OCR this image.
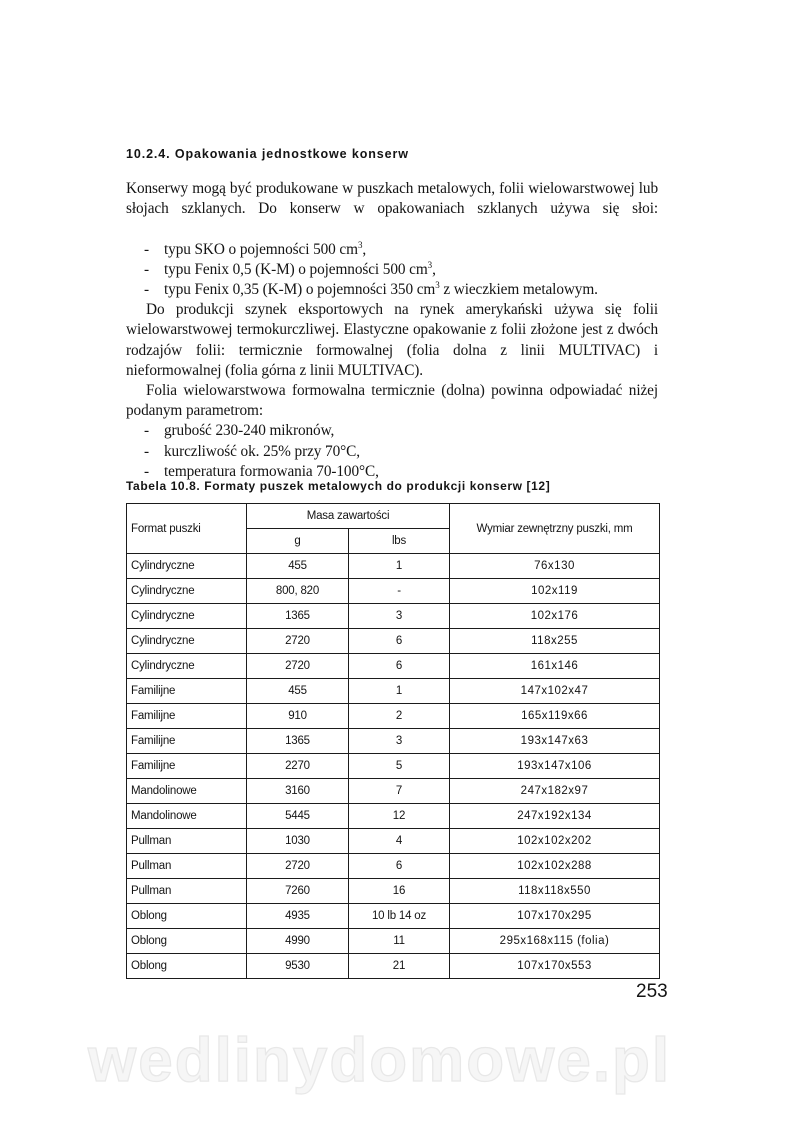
10.2.4. Opakowania jednostkowe konserw

Konserwy mogą być produkowane w puszkach metalowych, folii wielowarstwowej lub słojach szklanych. Do konserw w opakowaniach szklanych używa się słoi:

- typu SKO o pojemności 500 $cm^3$,
- typu Fenix 0,5 (K-M) o pojemności 500 $cm^3$,
- typu Fenix 0,35 (K-M) o pojemności 350 $cm^3$ z wieczkiem metalowym.

Do produkcji szynek eksportowych na rynek amerykański używa się folii wielowarstwowej termokurczliwej. Elastyczne opakowanie z folii złożone jest z dwóch rodzajów folii: termicznie formowalnej (folia dolna z linii MULTIVAC) i nieformowalnej (folia górna z linii MULTIVAC).

Folia wielowarstwowa formowalna termicznie (dolna) powinna odpowiadać niżej podanym parametrom:

- grubość 230-240 mikronów,
- kurczliwość ok. 25% przy 70°C,
- temperatura formowania 70-100°C,

Tabela 10.8. Formaty puszek metalowych do produkcji konserw [12]

Format puszki	Masa zawartości		Wymiar zewnętrzny puszki, mm
	g	lbs	
Cylindryczne	455	1	76x130
Cylindryczne	800, 820	-	102x119
Cylindryczne	1365	3	102x176
Cylindryczne	2720	6	118x255
Cylindryczne	2720	6	161x146
Familijne	455	1	147x102x47
Familijne	910	2	165x119x66
Familijne	1365	3	193x147x63
Familijne	2270	5	193x147x106
Mandolinowe	3160	7	247x182x97
Mandolinowe	5445	12	247x192x134
Pullman	1030	4	102x102x202
Pullman	2720	6	102x102x288
Pullman	7260	16	118x118x550
Oblong	4935	10 lb 14 oz	107x170x295
Oblong	4990	11	295x168x115 (folia)
Oblong	9530	21	107x170x553

253

wedlinydomowe.pl
